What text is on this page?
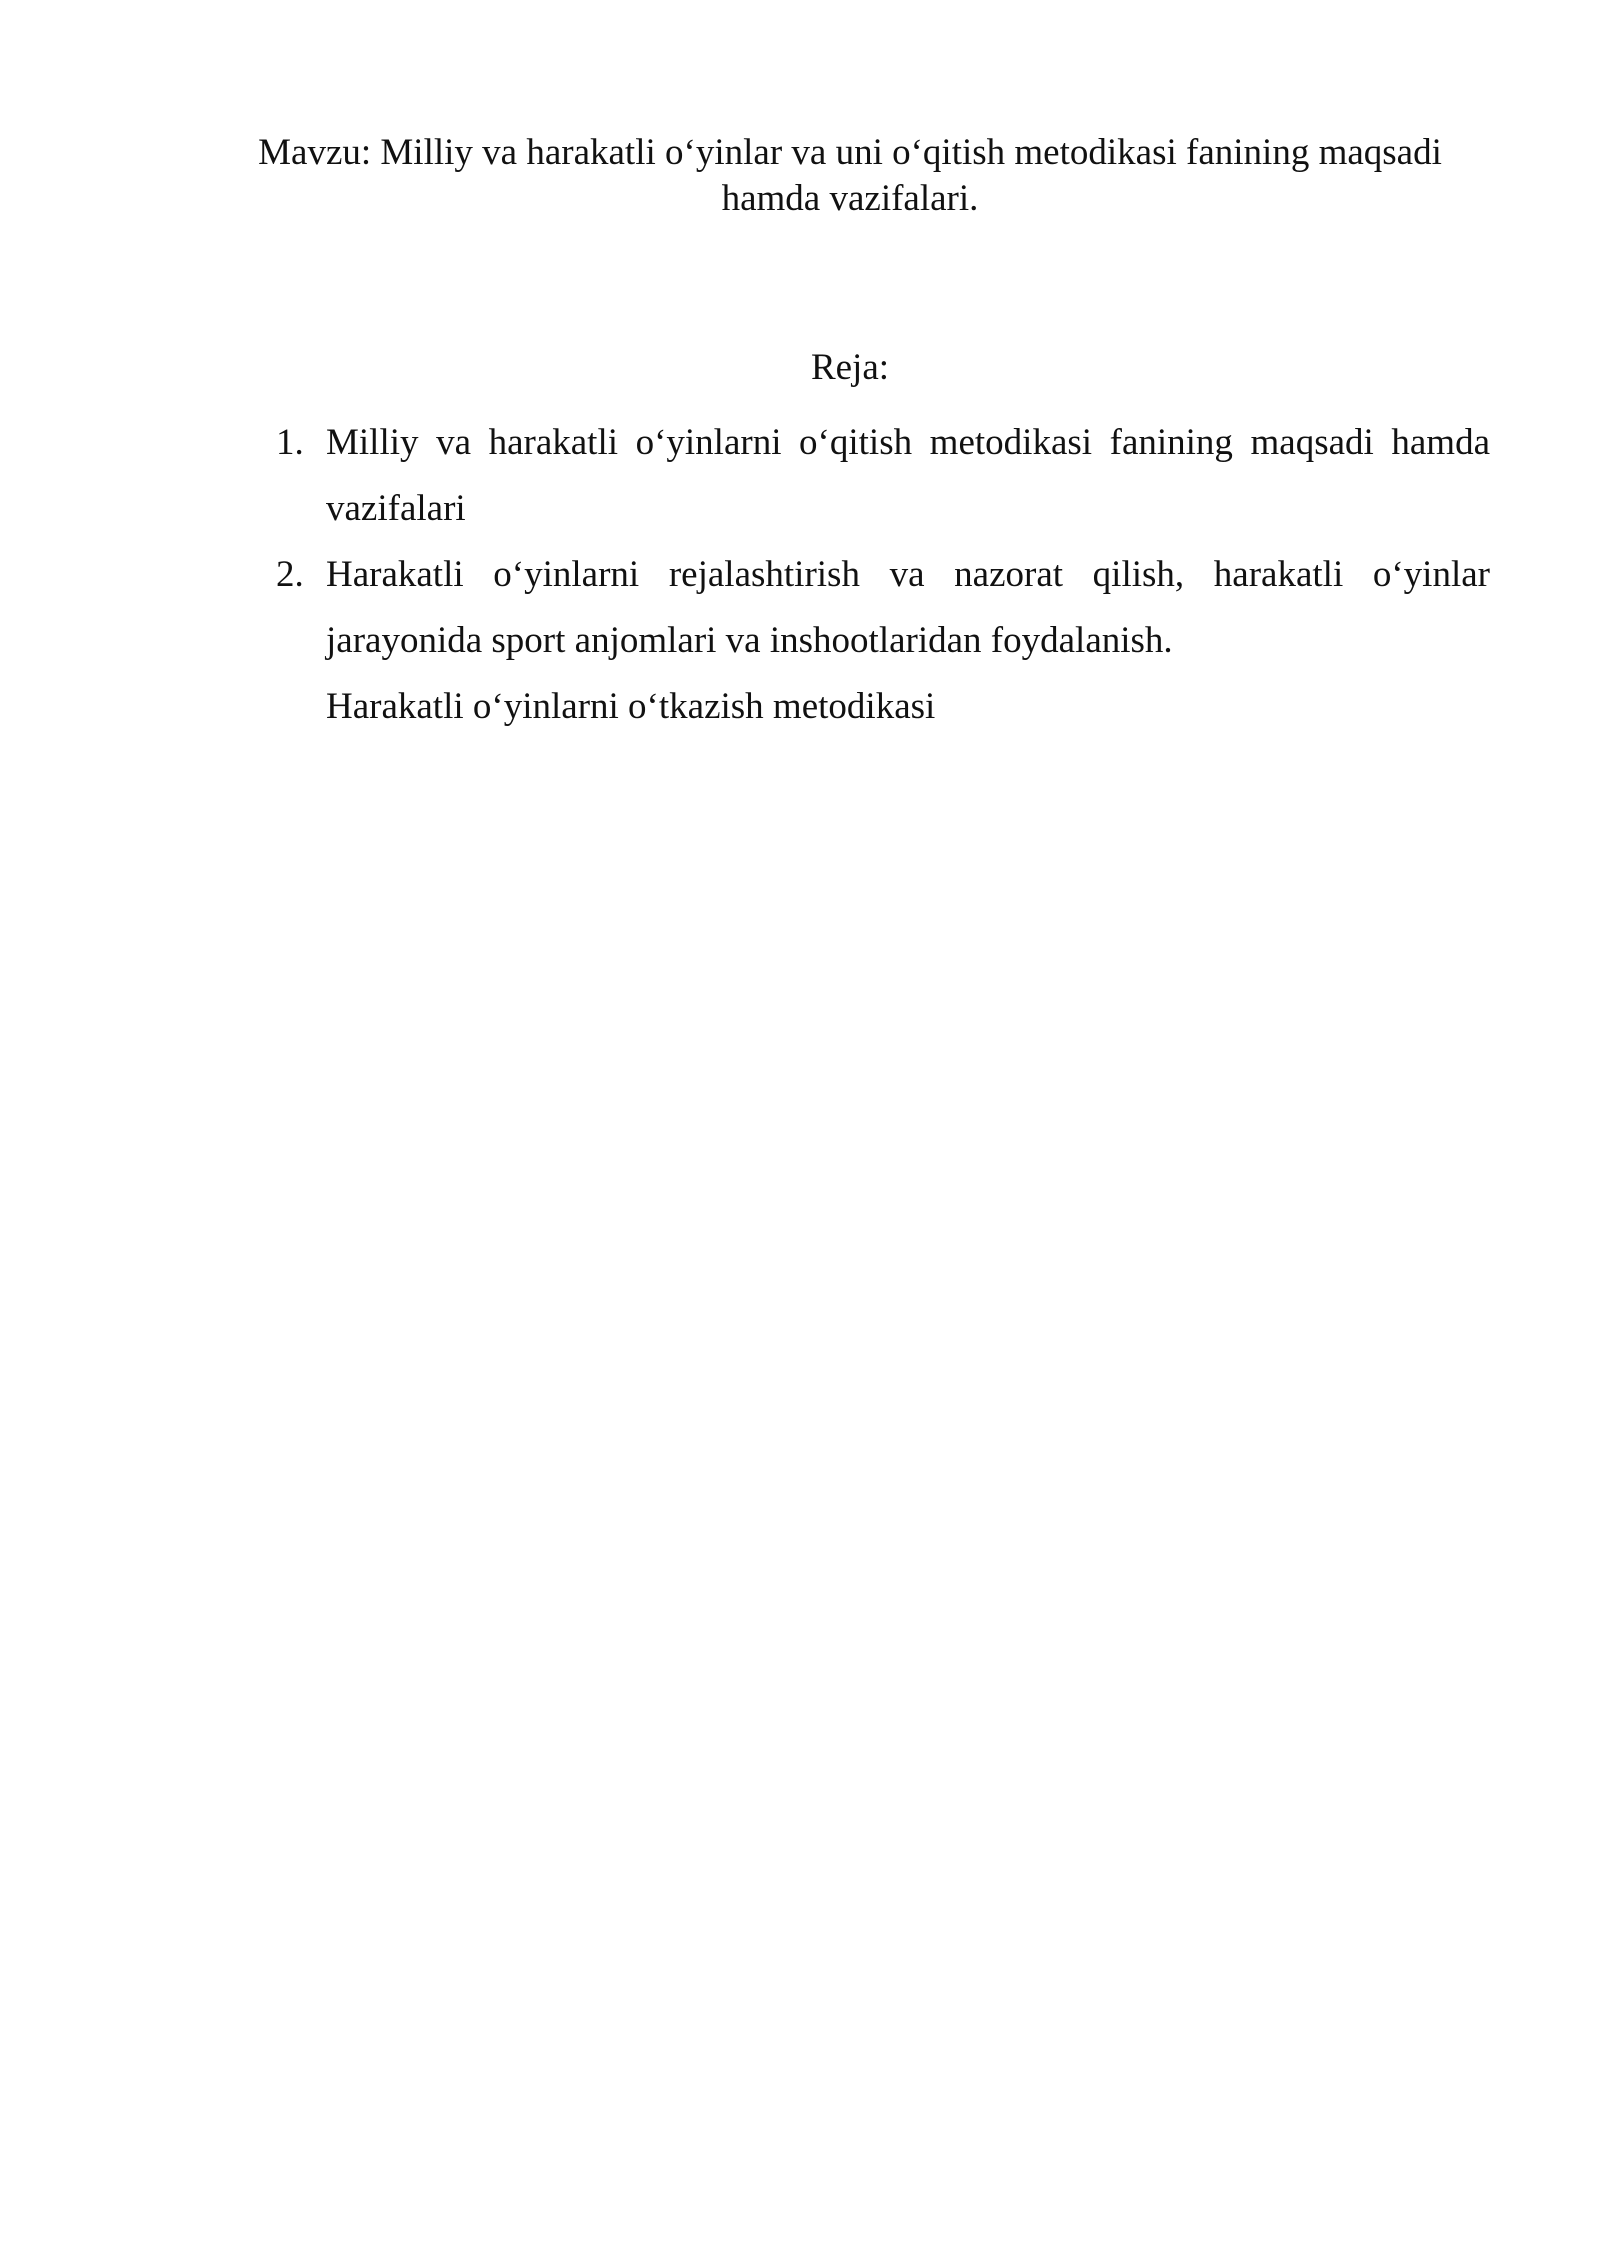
Mavzu: Milliy va harakatli o‘yinlar va uni o‘qitish metodikasi fanining maqsadi
hamda vazifalari.
Reja:
1. Milliy va harakatli o‘yinlarni o‘qitish metodikasi fanining maqsadi hamda
vazifalari
2. Harakatli o‘yinlarni rejalashtirish va nazorat qilish, harakatli o‘yinlar
jarayonida sport anjomlari va inshootlaridan foydalanish.
Harakatli o‘yinlarni o‘tkazish metodikasi
